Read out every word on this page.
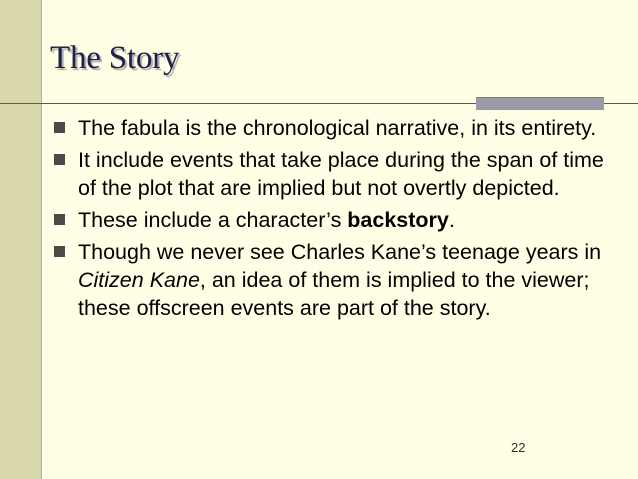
The Story
The fabula is the chronological narrative, in its entirety.
It include events that take place during the span of time of the plot that are implied but not overtly depicted.
These include a character’s backstory.
Though we never see Charles Kane’s teenage years in Citizen Kane, an idea of them is implied to the viewer; these offscreen events are part of the story.
22
